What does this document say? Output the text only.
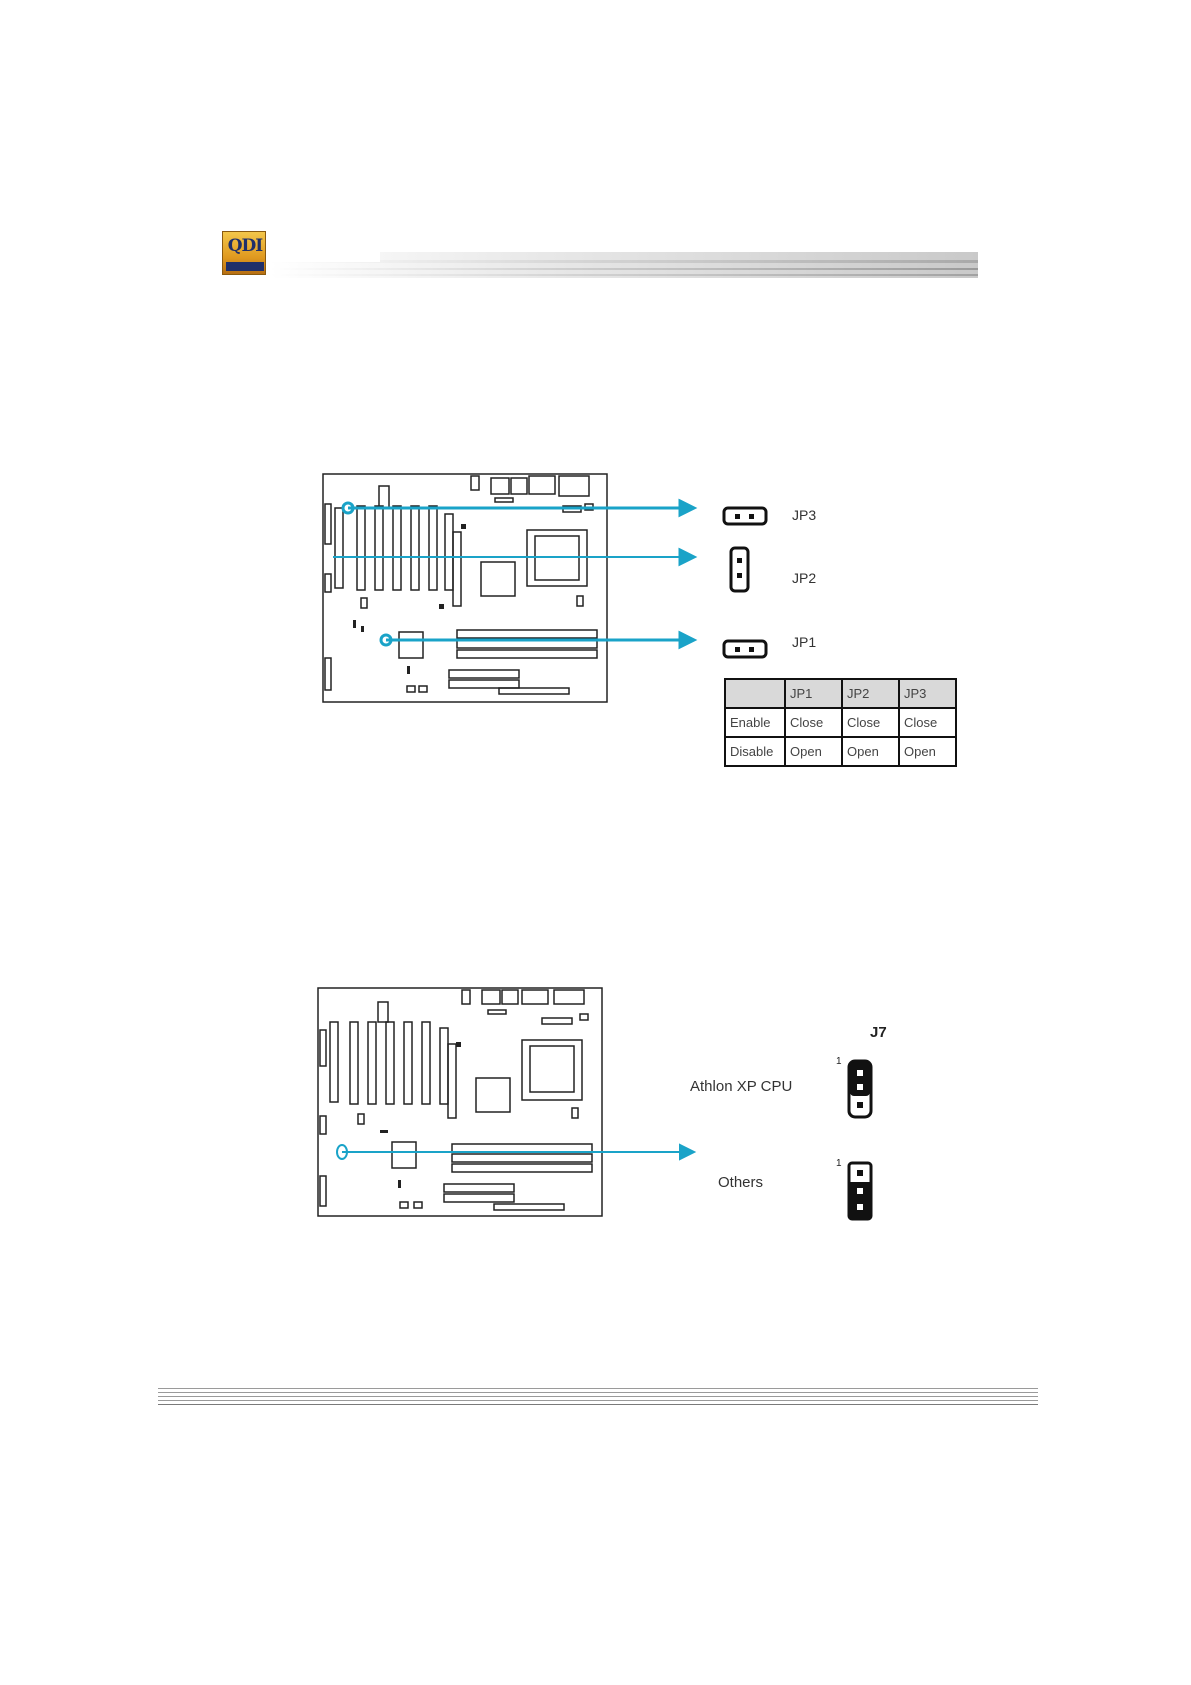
QDI
JP3
JP2
JP1
	JP1	JP2	JP3
Enable	Close	Close	Close
Disable	Open	Open	Open
J7
1
Athlon XP CPU
1
Others
